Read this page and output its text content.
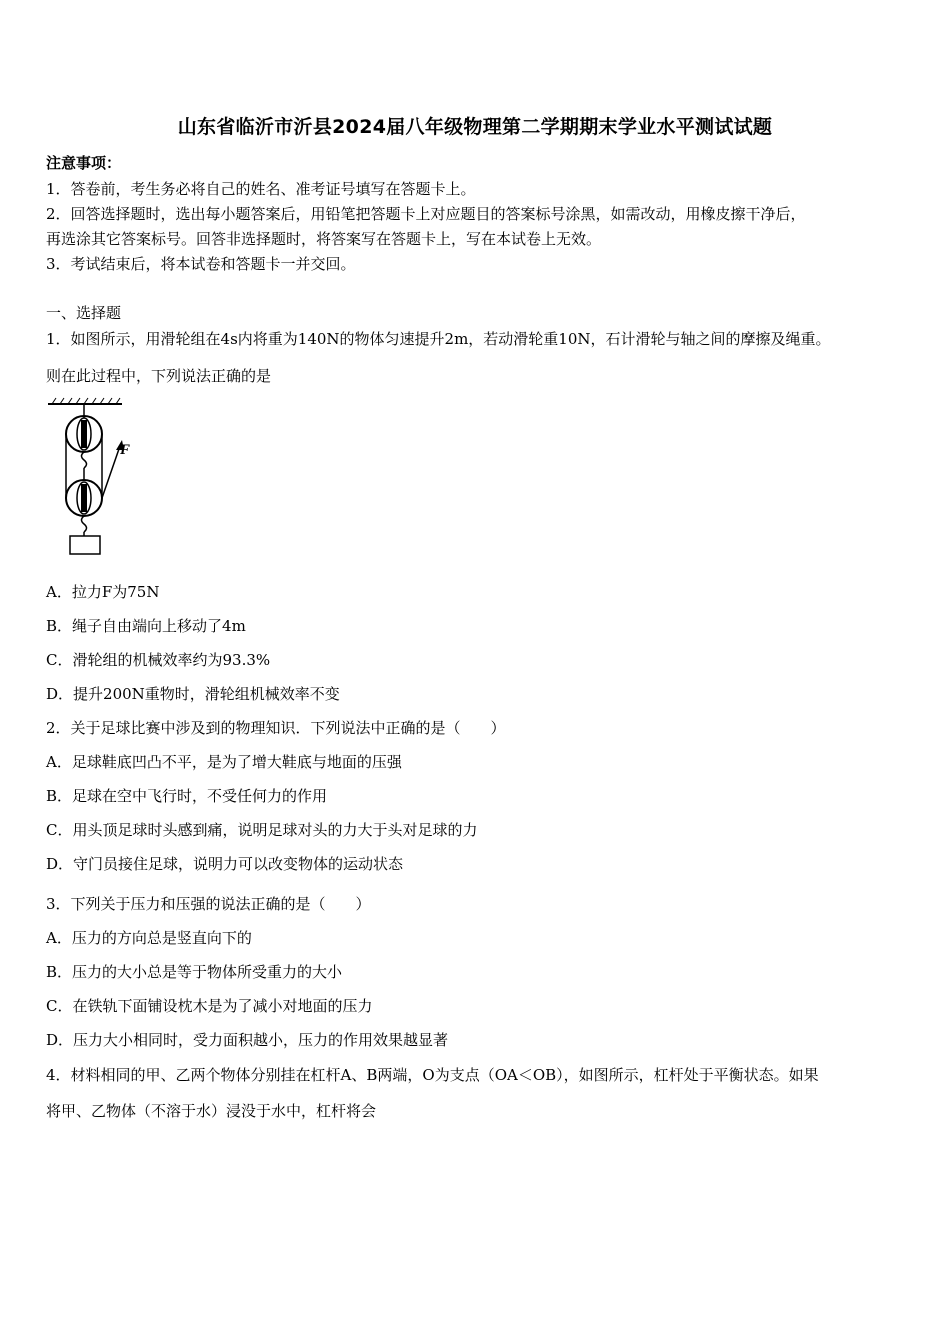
山东省临沂市沂县2024届八年级物理第二学期期末学业水平测试试题
注意事项：
1．答卷前，考生务必将自己的姓名、准考证号填写在答题卡上。
2．回答选择题时，选出每小题答案后，用铅笔把答题卡上对应题目的答案标号涂黑，如需改动，用橡皮擦干净后，
再选涂其它答案标号。回答非选择题时，将答案写在答题卡上，写在本试卷上无效。
3．考试结束后，将本试卷和答题卡一并交回。
一、选择题
1．如图所示，用滑轮组在4s内将重为140N的物体匀速提升2m，若动滑轮重10N，石计滑轮与轴之间的摩擦及绳重。
则在此过程中，下列说法正确的是
F
A．拉力F为75N
B．绳子自由端向上移动了4m
C．滑轮组的机械效率约为93.3%
D．提升200N重物时，滑轮组机械效率不变
2．关于足球比赛中涉及到的物理知识．下列说法中正确的是（　　）
A．足球鞋底凹凸不平，是为了增大鞋底与地面的压强
B．足球在空中飞行时，不受任何力的作用
C．用头顶足球时头感到痛，说明足球对头的力大于头对足球的力
D．守门员接住足球，说明力可以改变物体的运动状态
3．下列关于压力和压强的说法正确的是（　　）
A．压力的方向总是竖直向下的
B．压力的大小总是等于物体所受重力的大小
C．在铁轨下面铺设枕木是为了减小对地面的压力
D．压力大小相同时，受力面积越小，压力的作用效果越显著
4．材料相同的甲、乙两个物体分别挂在杠杆A、B两端，O为支点（OA＜OB），如图所示，杠杆处于平衡状态。如果
将甲、乙物体（不溶于水）浸没于水中，杠杆将会
